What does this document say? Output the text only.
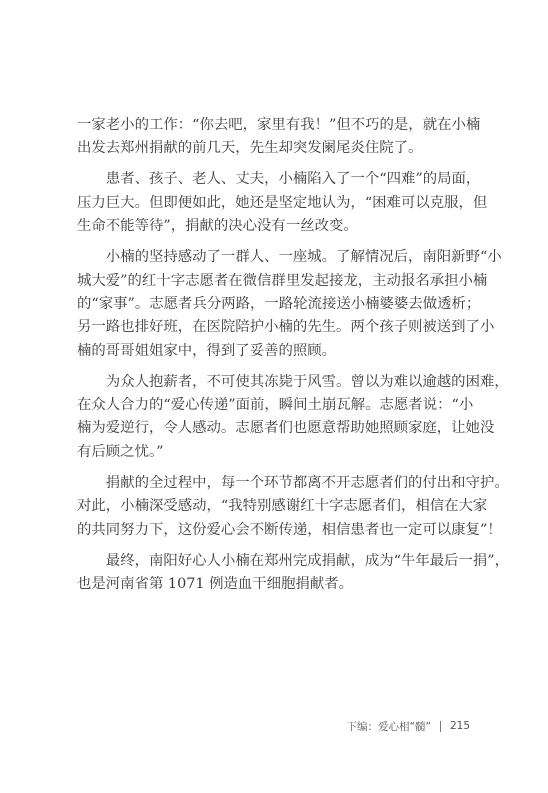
一家老小的工作：“你去吧，家里有我！”但不巧的是，就在小楠
出发去郑州捐献的前几天，先生却突发阑尾炎住院了。
患者、孩子、老人、丈夫，小楠陷入了一个“四难”的局面，
压力巨大。但即便如此，她还是坚定地认为，“困难可以克服，但
生命不能等待”，捐献的决心没有一丝改变。
小楠的坚持感动了一群人、一座城。了解情况后，南阳新野“小
城大爱”的红十字志愿者在微信群里发起接龙，主动报名承担小楠
的“家事”。志愿者兵分两路，一路轮流接送小楠婆婆去做透析；
另一路也排好班，在医院陪护小楠的先生。两个孩子则被送到了小
楠的哥哥姐姐家中，得到了妥善的照顾。
为众人抱薪者，不可使其冻毙于风雪。曾以为难以逾越的困难，
在众人合力的“爱心传递”面前，瞬间土崩瓦解。志愿者说：“小
楠为爱逆行，令人感动。志愿者们也愿意帮助她照顾家庭，让她没
有后顾之忧。”
捐献的全过程中，每一个环节都离不开志愿者们的付出和守护。
对此，小楠深受感动，“我特别感谢红十字志愿者们，相信在大家
的共同努力下，这份爱心会不断传递，相信患者也一定可以康复”！
最终，南阳好心人小楠在郑州完成捐献，成为“牛年最后一捐”，
也是河南省第 1071 例造血干细胞捐献者。
下编：爱心相“髓” 215
